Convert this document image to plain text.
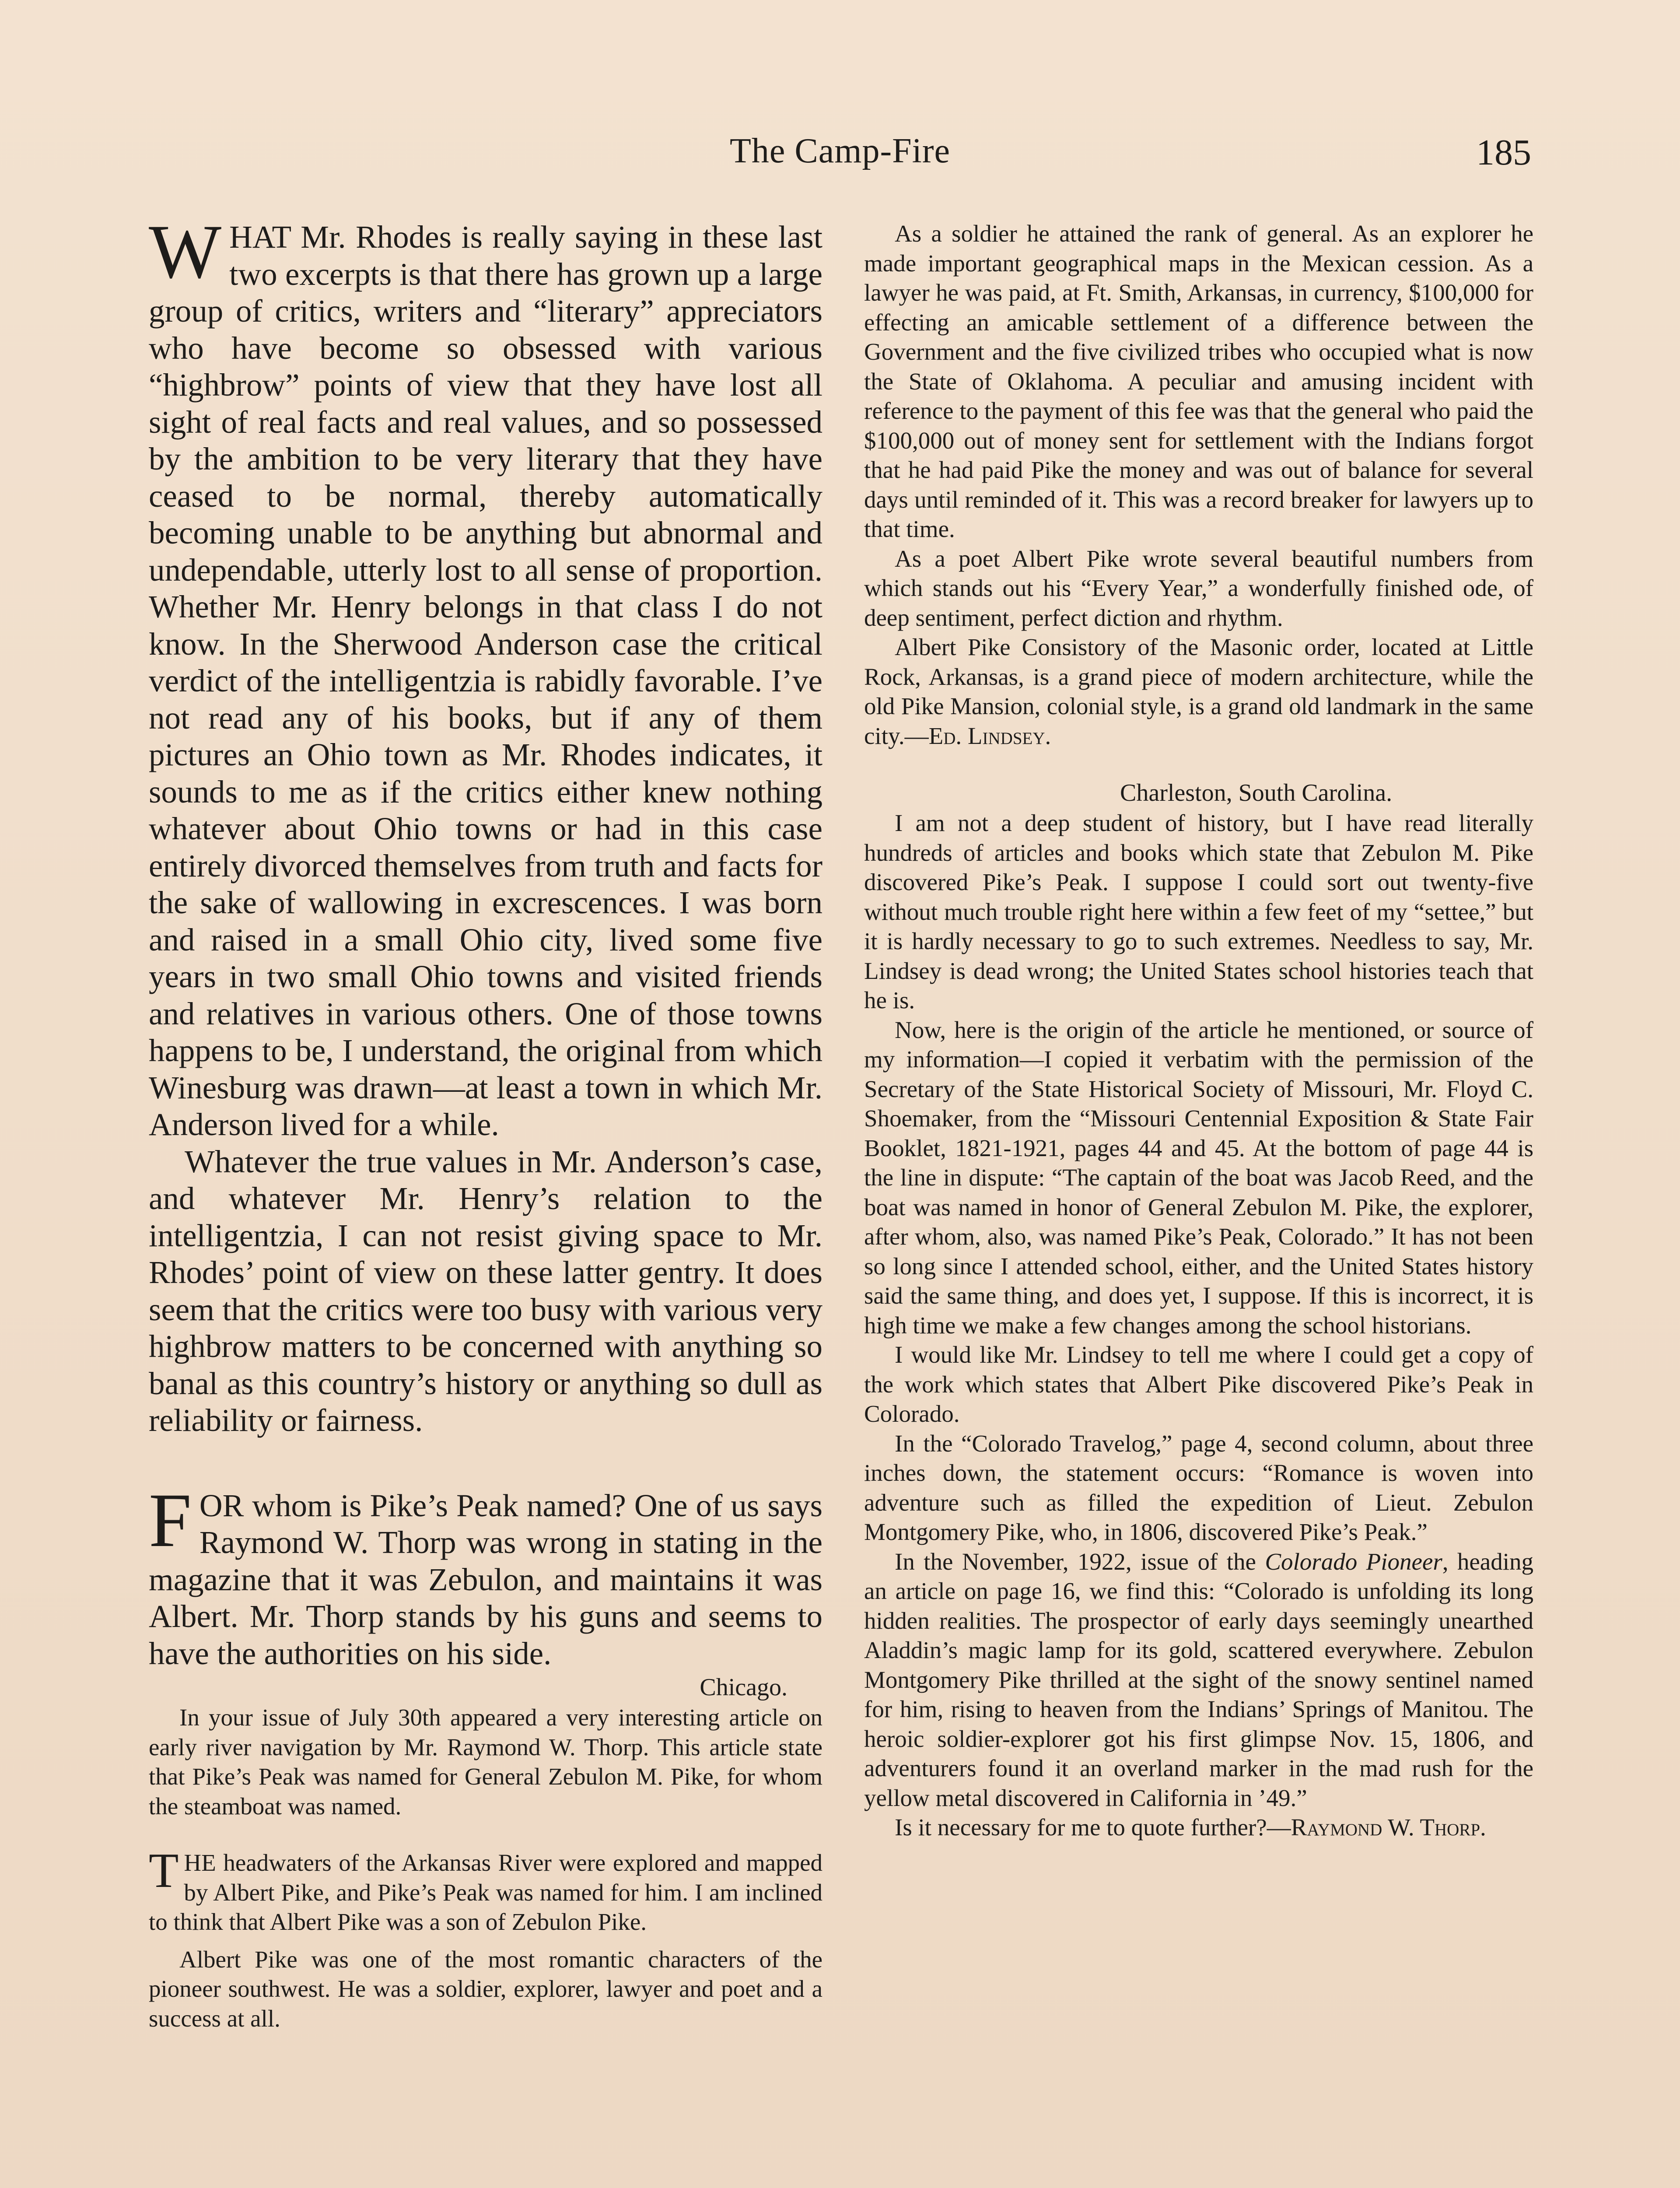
The Camp-Fire	185

WHAT Mr. Rhodes is really saying in these last two excerpts is that there has grown up a large group of critics, writers and “literary” appreciators who have become so obsessed with various “highbrow” points of view that they have lost all sight of real facts and real values, and so possessed by the ambition to be very literary that they have ceased to be normal, thereby automatically becoming unable to be anything but abnormal and undependable, utterly lost to all sense of proportion. Whether Mr. Henry belongs in that class I do not know. In the Sherwood Anderson case the critical verdict of the intelligentzia is rabidly favorable. I’ve not read any of his books, but if any of them pictures an Ohio town as Mr. Rhodes indicates, it sounds to me as if the critics either knew nothing whatever about Ohio towns or had in this case entirely divorced themselves from truth and facts for the sake of wallowing in excrescences. I was born and raised in a small Ohio city, lived some five years in two small Ohio towns and visited friends and relatives in various others. One of those towns happens to be, I understand, the original from which Winesburg was drawn—at least a town in which Mr. Anderson lived for a while.

Whatever the true values in Mr. Anderson’s case, and whatever Mr. Henry’s relation to the intelligentzia, I can not resist giving space to Mr. Rhodes’ point of view on these latter gentry. It does seem that the critics were too busy with various very highbrow matters to be concerned with anything so banal as this country’s history or anything so dull as reliability or fairness.

FOR whom is Pike’s Peak named? One of us says Raymond W. Thorp was wrong in stating in the magazine that it was Zebulon, and maintains it was Albert. Mr. Thorp stands by his guns and seems to have the authorities on his side.

Chicago.

In your issue of July 30th appeared a very interesting article on early river navigation by Mr. Raymond W. Thorp. This article state that Pike’s Peak was named for General Zebulon M. Pike, for whom the steamboat was named.

THE headwaters of the Arkansas River were explored and mapped by Albert Pike, and Pike’s Peak was named for him. I am inclined to think that Albert Pike was a son of Zebulon Pike.

Albert Pike was one of the most romantic characters of the pioneer southwest. He was a soldier, explorer, lawyer and poet and a success at all.

As a soldier he attained the rank of general. As an explorer he made important geographical maps in the Mexican cession. As a lawyer he was paid, at Ft. Smith, Arkansas, in currency, $100,000 for effecting an amicable settlement of a difference between the Government and the five civilized tribes who occupied what is now the State of Oklahoma. A peculiar and amusing incident with reference to the payment of this fee was that the general who paid the $100,000 out of money sent for settlement with the Indians forgot that he had paid Pike the money and was out of balance for several days until reminded of it. This was a record breaker for lawyers up to that time.

As a poet Albert Pike wrote several beautiful numbers from which stands out his “Every Year,” a wonderfully finished ode, of deep sentiment, perfect diction and rhythm.

Albert Pike Consistory of the Masonic order, located at Little Rock, Arkansas, is a grand piece of modern architecture, while the old Pike Mansion, colonial style, is a grand old landmark in the same city.—Ed. Lindsey.

Charleston, South Carolina.

I am not a deep student of history, but I have read literally hundreds of articles and books which state that Zebulon M. Pike discovered Pike’s Peak. I suppose I could sort out twenty-five without much trouble right here within a few feet of my “settee,” but it is hardly necessary to go to such extremes. Needless to say, Mr. Lindsey is dead wrong; the United States school histories teach that he is.

Now, here is the origin of the article he mentioned, or source of my information—I copied it verbatim with the permission of the Secretary of the State Historical Society of Missouri, Mr. Floyd C. Shoemaker, from the “Missouri Centennial Exposition & State Fair Booklet, 1821-1921, pages 44 and 45. At the bottom of page 44 is the line in dispute: “The captain of the boat was Jacob Reed, and the boat was named in honor of General Zebulon M. Pike, the explorer, after whom, also, was named Pike’s Peak, Colorado.” It has not been so long since I attended school, either, and the United States history said the same thing, and does yet, I suppose. If this is incorrect, it is high time we make a few changes among the school historians.

I would like Mr. Lindsey to tell me where I could get a copy of the work which states that Albert Pike discovered Pike’s Peak in Colorado.

In the “Colorado Travelog,” page 4, second column, about three inches down, the statement occurs: “Romance is woven into adventure such as filled the expedition of Lieut. Zebulon Montgomery Pike, who, in 1806, discovered Pike’s Peak.”

In the November, 1922, issue of the Colorado Pioneer, heading an article on page 16, we find this: “Colorado is unfolding its long hidden realities. The prospector of early days seemingly unearthed Aladdin’s magic lamp for its gold, scattered everywhere. Zebulon Montgomery Pike thrilled at the sight of the snowy sentinel named for him, rising to heaven from the Indians’ Springs of Manitou. The heroic soldier-explorer got his first glimpse Nov. 15, 1806, and adventurers found it an overland marker in the mad rush for the yellow metal discovered in California in ’49.”

Is it necessary for me to quote further?—Raymond W. Thorp.
